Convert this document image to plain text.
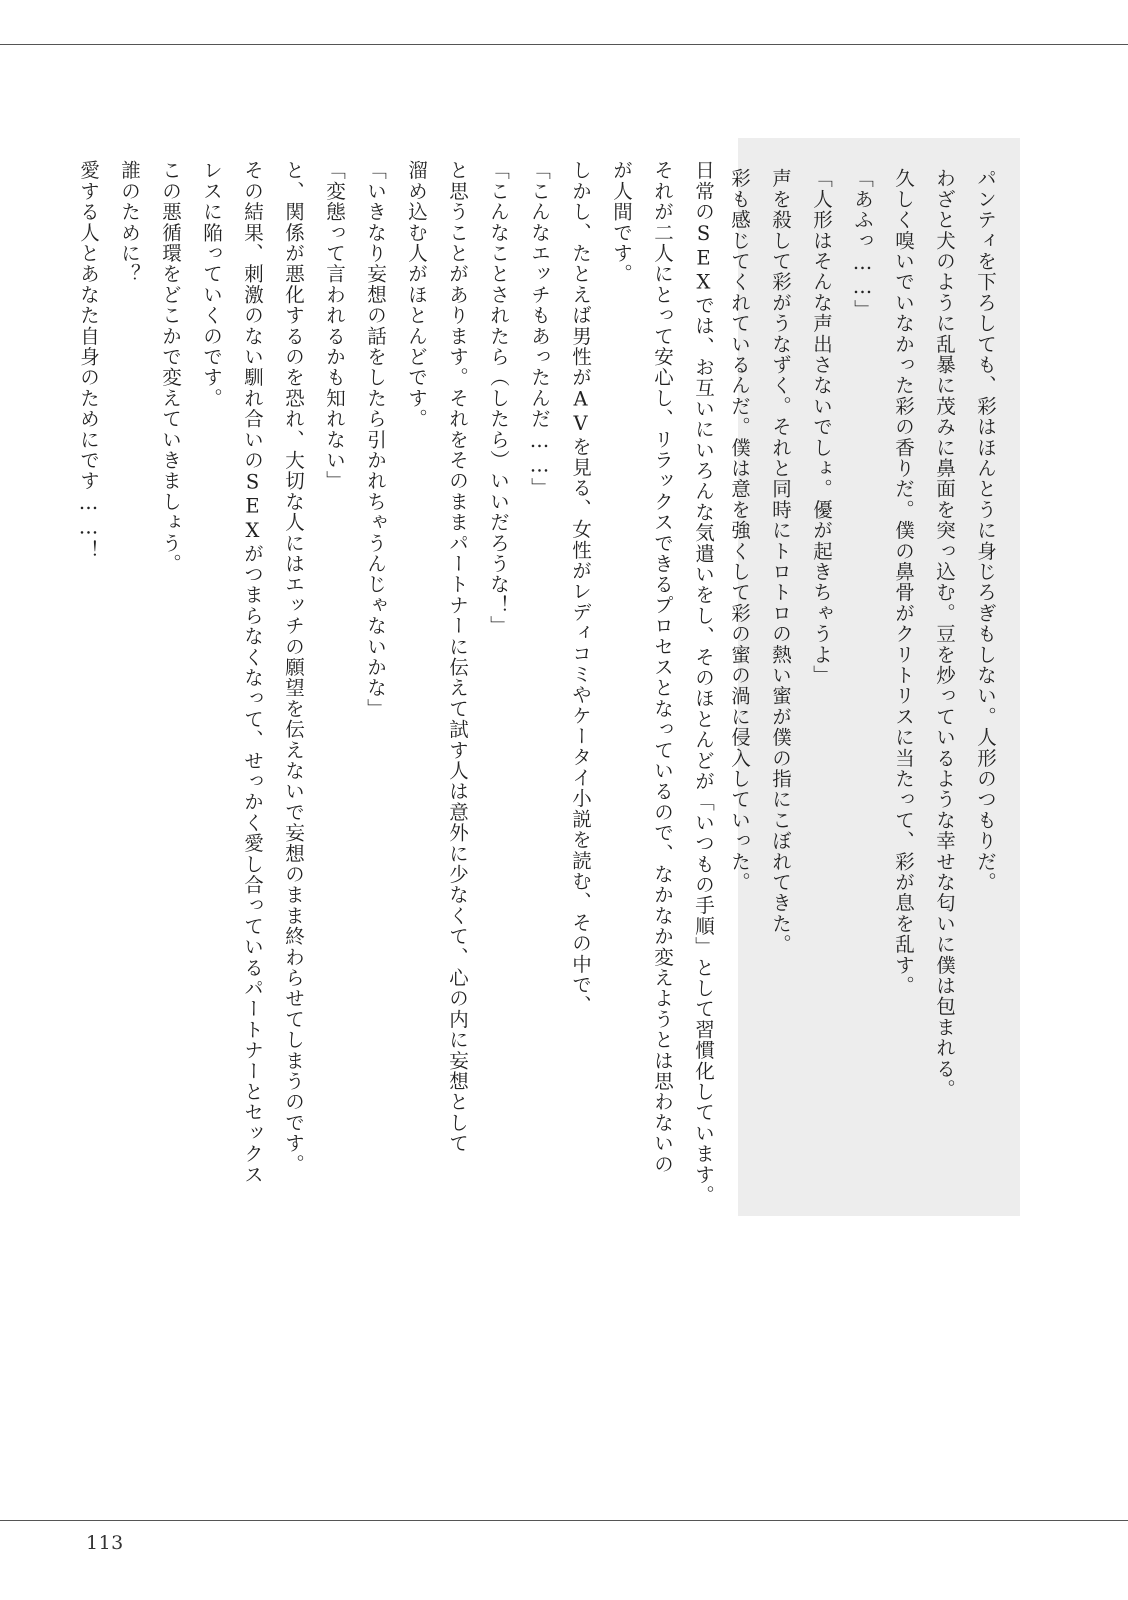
パンティを下ろしても、彩はほんとうに身じろぎもしない。人形のつもりだ。
わざと犬のように乱暴に茂みに鼻面を突っ込む。豆を炒っているような幸せな匂いに僕は包まれる。
久しく嗅いでいなかった彩の香りだ。僕の鼻骨がクリトリスに当たって、彩が息を乱す。
「あふっ……」
「人形はそんな声出さないでしょ。優が起きちゃうよ」
声を殺して彩がうなずく。それと同時にトロトロの熱い蜜が僕の指にこぼれてきた。
彩も感じてくれているんだ。僕は意を強くして彩の蜜の渦に侵入していった。
日常のSEXでは、お互いにいろんな気遣いをし、そのほとんどが「いつもの手順」として習慣化しています。
それが二人にとって安心し、リラックスできるプロセスとなっているので、なかなか変えようとは思わないの
が人間です。
しかし、たとえば男性がAVを見る、女性がレディコミやケータイ小説を読む、その中で、
「こんなエッチもあったんだ……」
「こんなことされたら（したら）いいだろうな！」
と思うことがあります。それをそのままパートナーに伝えて試す人は意外に少なくて、心の内に妄想として
溜め込む人がほとんどです。
「いきなり妄想の話をしたら引かれちゃうんじゃないかな」
「変態って言われるかも知れない」
と、関係が悪化するのを恐れ、大切な人にはエッチの願望を伝えないで妄想のまま終わらせてしまうのです。
その結果、刺激のない馴れ合いのSEXがつまらなくなって、せっかく愛し合っているパートナーとセックス
レスに陥っていくのです。
この悪循環をどこかで変えていきましょう。
誰のために？
愛する人とあなた自身のためにです……！
113
